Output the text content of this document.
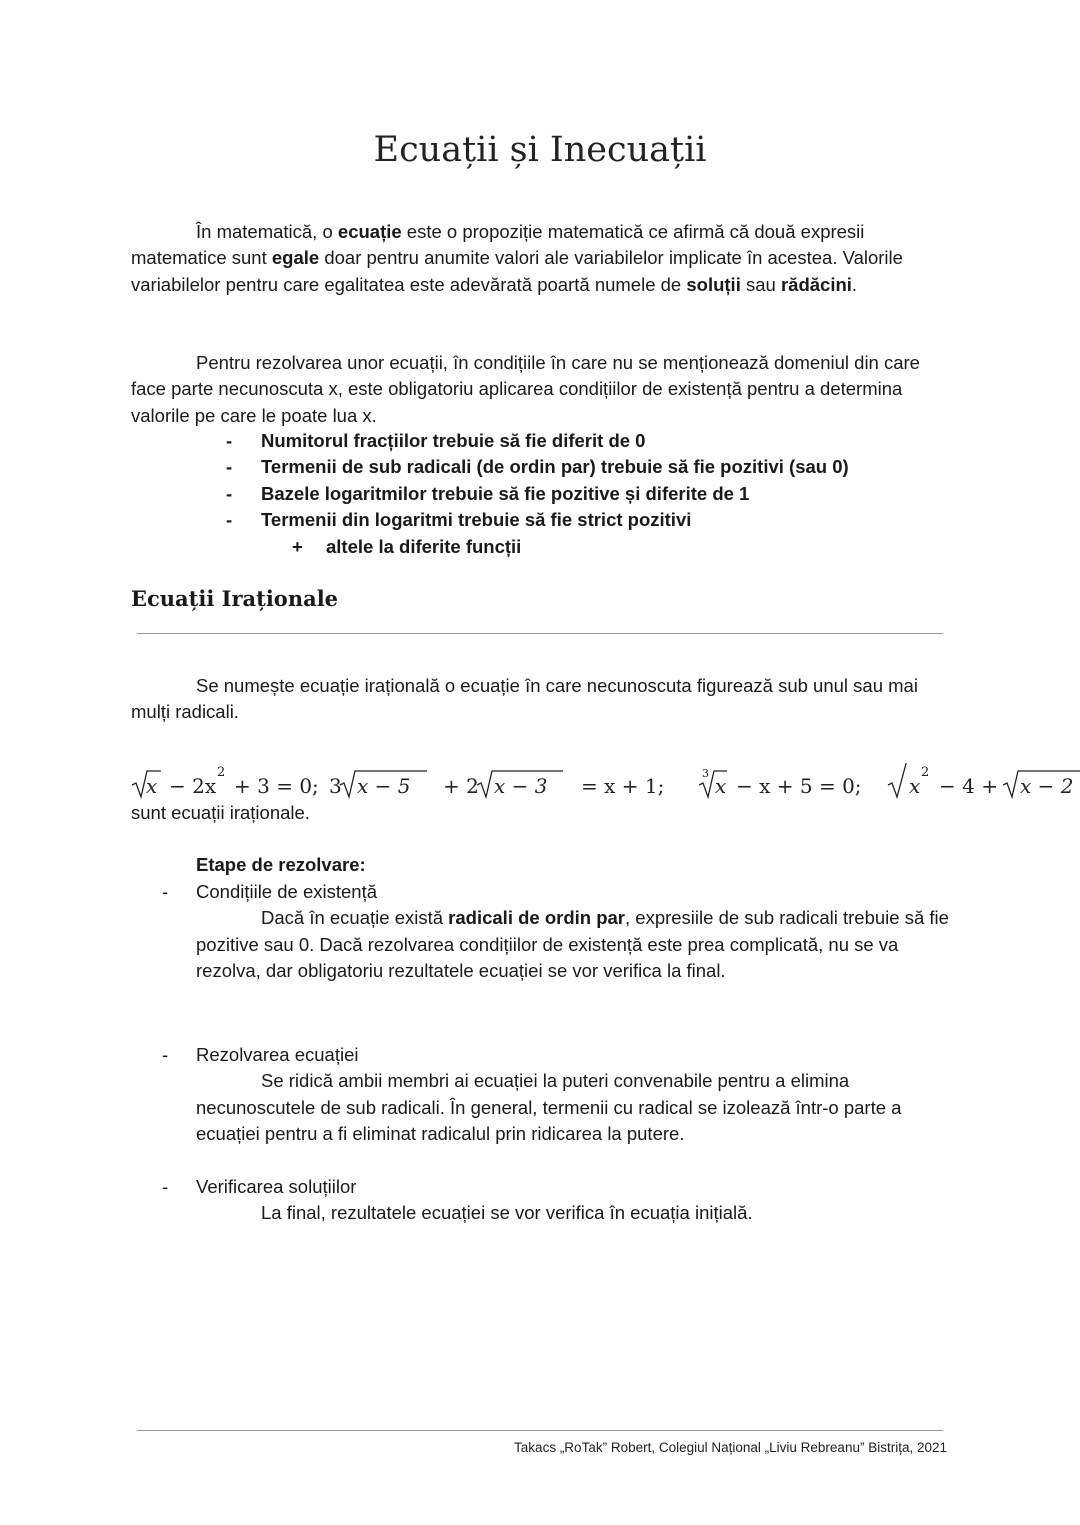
Ecuații și Inecuații

În matematică, o ecuație este o propoziție matematică ce afirmă că două expresii matematice sunt egale doar pentru anumite valori ale variabilelor implicate în acestea. Valorile variabilelor pentru care egalitatea este adevărată poartă numele de soluții sau rădăcini.

Pentru rezolvarea unor ecuații, în condițiile în care nu se menționează domeniul din care face parte necunoscuta x, este obligatoriu aplicarea condițiilor de existență pentru a determina valorile pe care le poate lua x.

- Numitorul fracțiilor trebuie să fie diferit de 0
- Termenii de sub radicali (de ordin par) trebuie să fie pozitivi (sau 0)
- Bazele logaritmilor trebuie să fie pozitive și diferite de 1
- Termenii din logaritmi trebuie să fie strict pozitivi
+ altele la diferite funcții
Ecuații Iraționale

Se numește ecuație irațională o ecuație în care necunoscuta figurează sub unul sau mai mulți radicali.

x − 2x
2
+ 3 = 0; 3 x − 5 + 2 x − 3 = x + 1;
3
x − x + 5 = 0; x
2
− 4 + x − 2

sunt ecuații iraționale.

Etape de rezolvare:
- Condițiile de existență
Dacă în ecuație există radicali de ordin par, expresiile de sub radicali trebuie să fie pozitive sau 0. Dacă rezolvarea condițiilor de existență este prea complicată, nu se va rezolva, dar obligatoriu rezultatele ecuației se vor verifica la final.
- Rezolvarea ecuației
Se ridică ambii membri ai ecuației la puteri convenabile pentru a elimina necunoscutele de sub radicali. În general, termenii cu radical se izolează într-o parte a ecuației pentru a fi eliminat radicalul prin ridicarea la putere.
- Verificarea soluțiilor
La final, rezultatele ecuației se vor verifica în ecuația inițială.
Takacs „RoTak” Robert, Colegiul Național „Liviu Rebreanu” Bistrița, 2021
